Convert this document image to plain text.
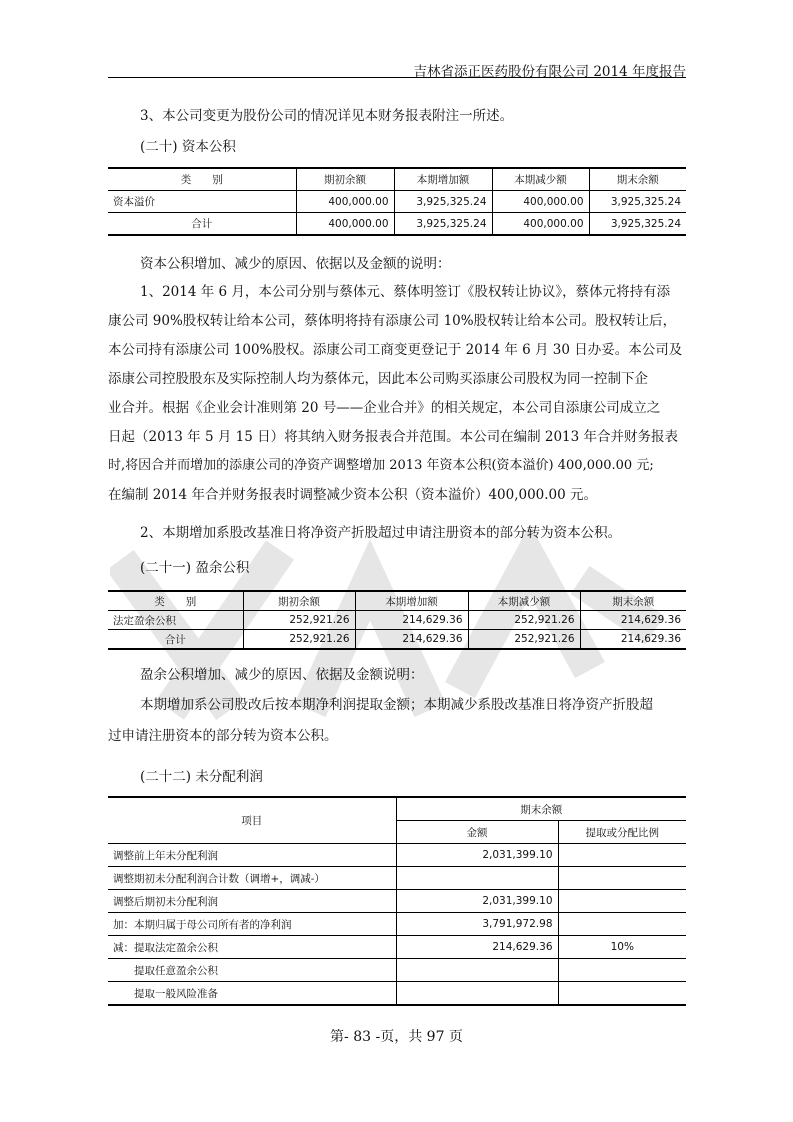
吉林省添正医药股份有限公司 2014 年度报告

3、本公司变更为股份公司的情况详见本财务报表附注一所述。

(二十) 资本公积

类　　别	期初余额	本期增加额	本期减少额	期末余额
资本溢价	400,000.00	3,925,325.24	400,000.00	3,925,325.24
合计	400,000.00	3,925,325.24	400,000.00	3,925,325.24

资本公积增加、减少的原因、依据以及金额的说明：

1、2014 年 6 月，本公司分别与蔡体元、蔡体明签订《股权转让协议》，蔡体元将持有添

康公司 90%股权转让给本公司，蔡体明将持有添康公司 10%股权转让给本公司。股权转让后，

本公司持有添康公司 100%股权。添康公司工商变更登记于 2014 年 6 月 30 日办妥。本公司及

添康公司控股股东及实际控制人均为蔡体元，因此本公司购买添康公司股权为同一控制下企

业合并。根据《企业会计准则第 20 号——企业合并》的相关规定，本公司自添康公司成立之

日起（2013 年 5 月 15 日）将其纳入财务报表合并范围。本公司在编制 2013 年合并财务报表

时,将因合并而增加的添康公司的净资产调整增加 2013 年资本公积(资本溢价) 400,000.00 元;

在编制 2014 年合并财务报表时调整减少资本公积（资本溢价）400,000.00 元。

2、本期增加系股改基准日将净资产折股超过申请注册资本的部分转为资本公积。

(二十一) 盈余公积

类　　别	期初余额	本期增加额	本期减少额	期末余额
法定盈余公积	252,921.26	214,629.36	252,921.26	214,629.36
合计	252,921.26	214,629.36	252,921.26	214,629.36

盈余公积增加、减少的原因、依据及金额说明：

本期增加系公司股改后按本期净利润提取金额；本期减少系股改基准日将净资产折股超

过申请注册资本的部分转为资本公积。

(二十二) 未分配利润

项目	期末余额	
	金额	提取或分配比例
调整前上年未分配利润	2,031,399.10	
调整期初未分配利润合计数（调增+，调减-）		
调整后期初未分配利润	2,031,399.10	
加：本期归属于母公司所有者的净利润	3,791,972.98	
减：提取法定盈余公积	214,629.36	10%
　　提取任意盈余公积		
　　提取一般风险准备		
第- 83 -页，共 97 页
